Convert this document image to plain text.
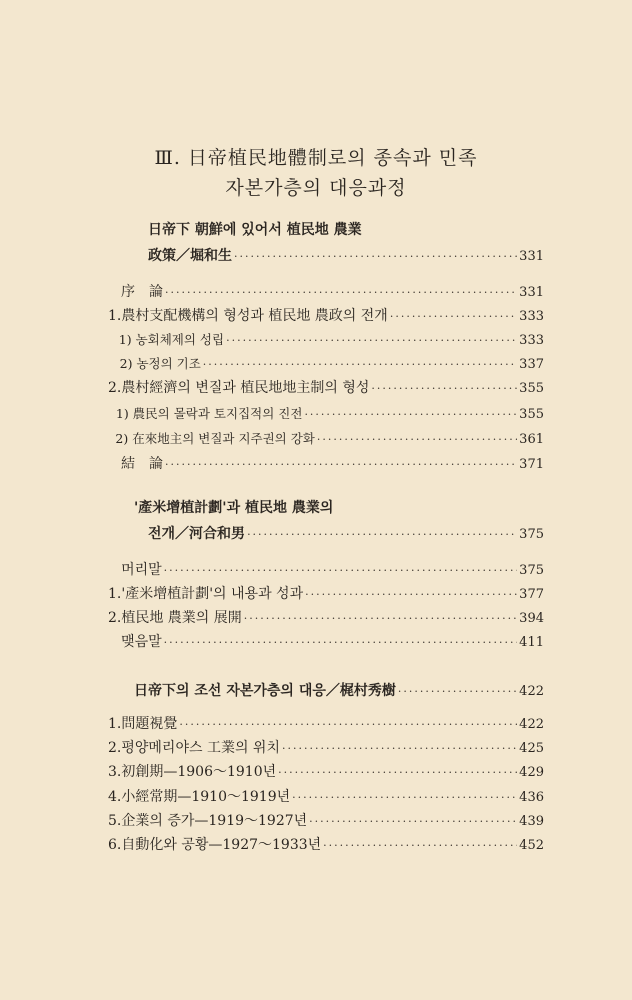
Ⅲ. 日帝植民地體制로의 종속과 민족
자본가층의 대응과정
日帝下 朝鮮에 있어서 植民地 農業
政策／堀和生 ·····	331
序　論 ·····	331
1. 農村支配機構의 형성과 植民地 農政의 전개 ·····	333
1) 농회체제의 성립 ·····	333
2) 농정의 기조 ·····	337
2. 農村經濟의 변질과 植民地地主制의 형성 ·····	355
1) 農民의 몰락과 토지집적의 진전 ·····	355
2) 在來地主의 변질과 지주권의 강화 ·····	361
結　論 ·····	371
'產米增植計劃'과 植民地 農業의
전개／河合和男 ·····	375
머리말 ·····	375
1. '產米增植計劃'의 내용과 성과 ·····	377
2. 植民地 農業의 展開 ·····	394
맺음말 ·····	411
日帝下의 조선 자본가층의 대응／梶村秀樹 ·····	422
1. 問題視覺 ·····	422
2. 평양메리야스 工業의 위치 ·····	425
3. 初創期—1906～1910년 ·····	429
4. 小經常期—1910～1919년 ·····	436
5. 企業의 증가—1919～1927년 ·····	439
6. 自動化와 공황—1927～1933년 ·····	452
